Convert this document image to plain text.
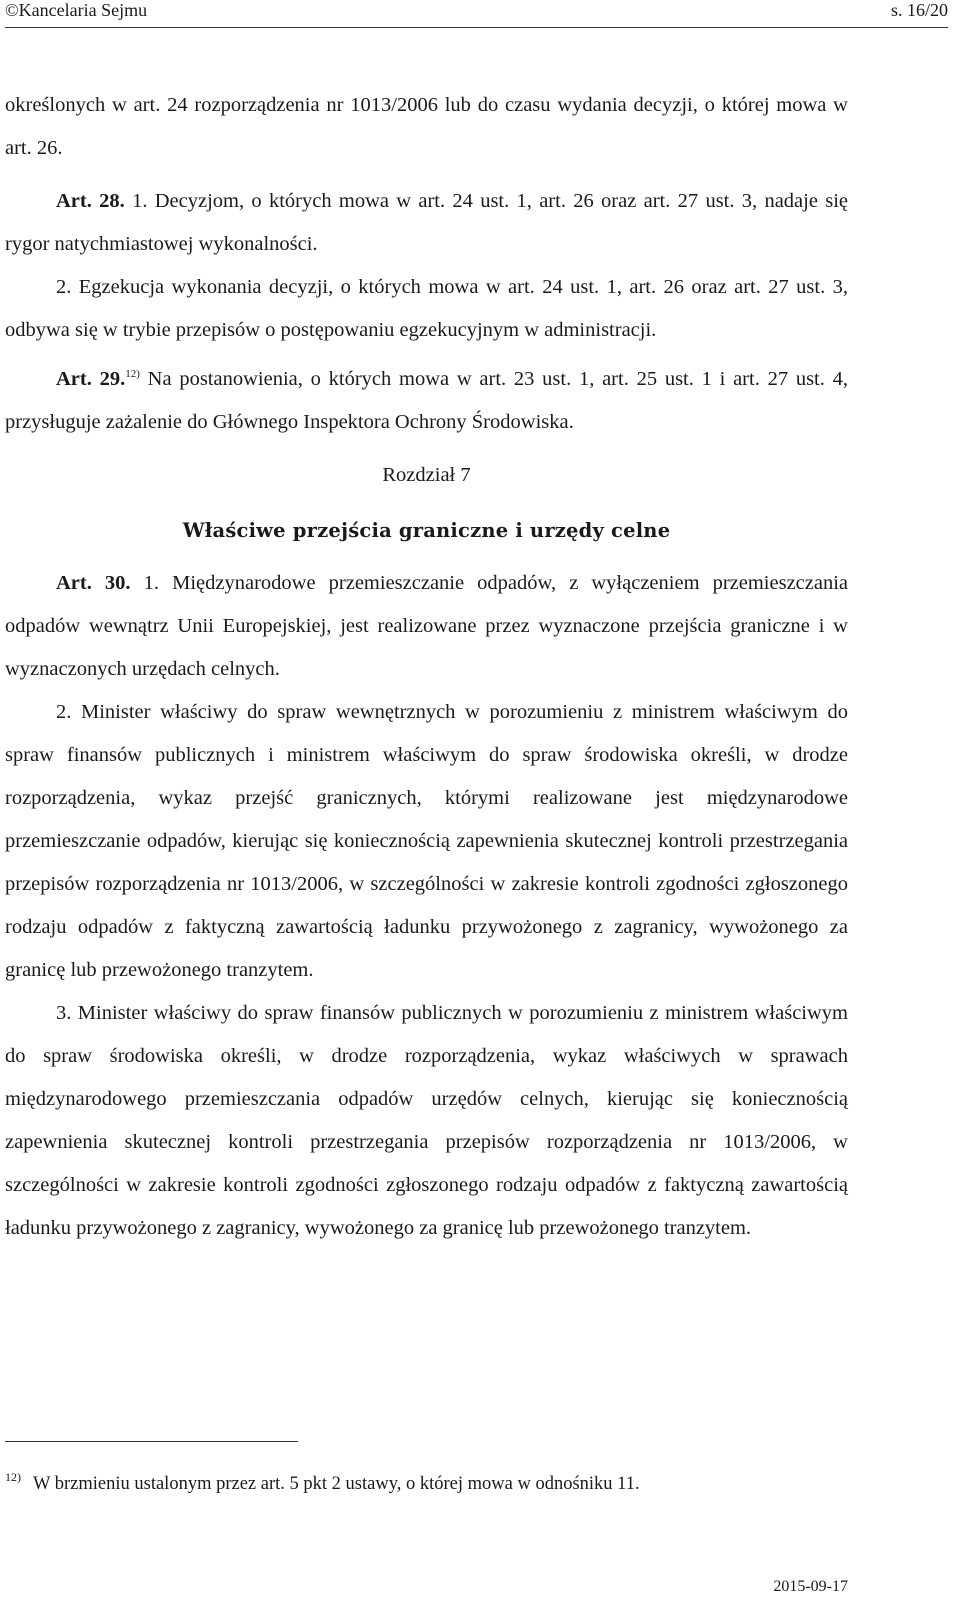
©Kancelaria Sejmu	s. 16/20

określonych w art. 24 rozporządzenia nr 1013/2006 lub do czasu wydania decyzji, o której mowa w art. 26.

Art. 28. 1. Decyzjom, o których mowa w art. 24 ust. 1, art. 26 oraz art. 27 ust. 3, nadaje się rygor natychmiastowej wykonalności.

2. Egzekucja wykonania decyzji, o których mowa w art. 24 ust. 1, art. 26 oraz art. 27 ust. 3, odbywa się w trybie przepisów o postępowaniu egzekucyjnym w administracji.

Art. 29.$^{12)}$ Na postanowienia, o których mowa w art. 23 ust. 1, art. 25 ust. 1 i art. 27 ust. 4, przysługuje zażalenie do Głównego Inspektora Ochrony Środowiska.

Rozdział 7

Właściwe przejścia graniczne i urzędy celne

Art. 30. 1. Międzynarodowe przemieszczanie odpadów, z wyłączeniem przemieszczania odpadów wewnątrz Unii Europejskiej, jest realizowane przez wyznaczone przejścia graniczne i w wyznaczonych urzędach celnych.

2. Minister właściwy do spraw wewnętrznych w porozumieniu z ministrem właściwym do spraw finansów publicznych i ministrem właściwym do spraw środowiska określi, w drodze rozporządzenia, wykaz przejść granicznych, którymi realizowane jest międzynarodowe przemieszczanie odpadów, kierując się koniecznością zapewnienia skutecznej kontroli przestrzegania przepisów rozporządzenia nr 1013/2006, w szczególności w zakresie kontroli zgodności zgłoszonego rodzaju odpadów z faktyczną zawartością ładunku przywożonego z zagranicy, wywożonego za granicę lub przewożonego tranzytem.

3. Minister właściwy do spraw finansów publicznych w porozumieniu z ministrem właściwym do spraw środowiska określi, w drodze rozporządzenia, wykaz właściwych w sprawach międzynarodowego przemieszczania odpadów urzędów celnych, kierując się koniecznością zapewnienia skutecznej kontroli przestrzegania przepisów rozporządzenia nr 1013/2006, w szczególności w zakresie kontroli zgodności zgłoszonego rodzaju odpadów z faktyczną zawartością ładunku przywożonego z zagranicy, wywożonego za granicę lub przewożonego tranzytem.

$^{12)}$ W brzmieniu ustalonym przez art. 5 pkt 2 ustawy, o której mowa w odnośniku 11.
2015-09-17
